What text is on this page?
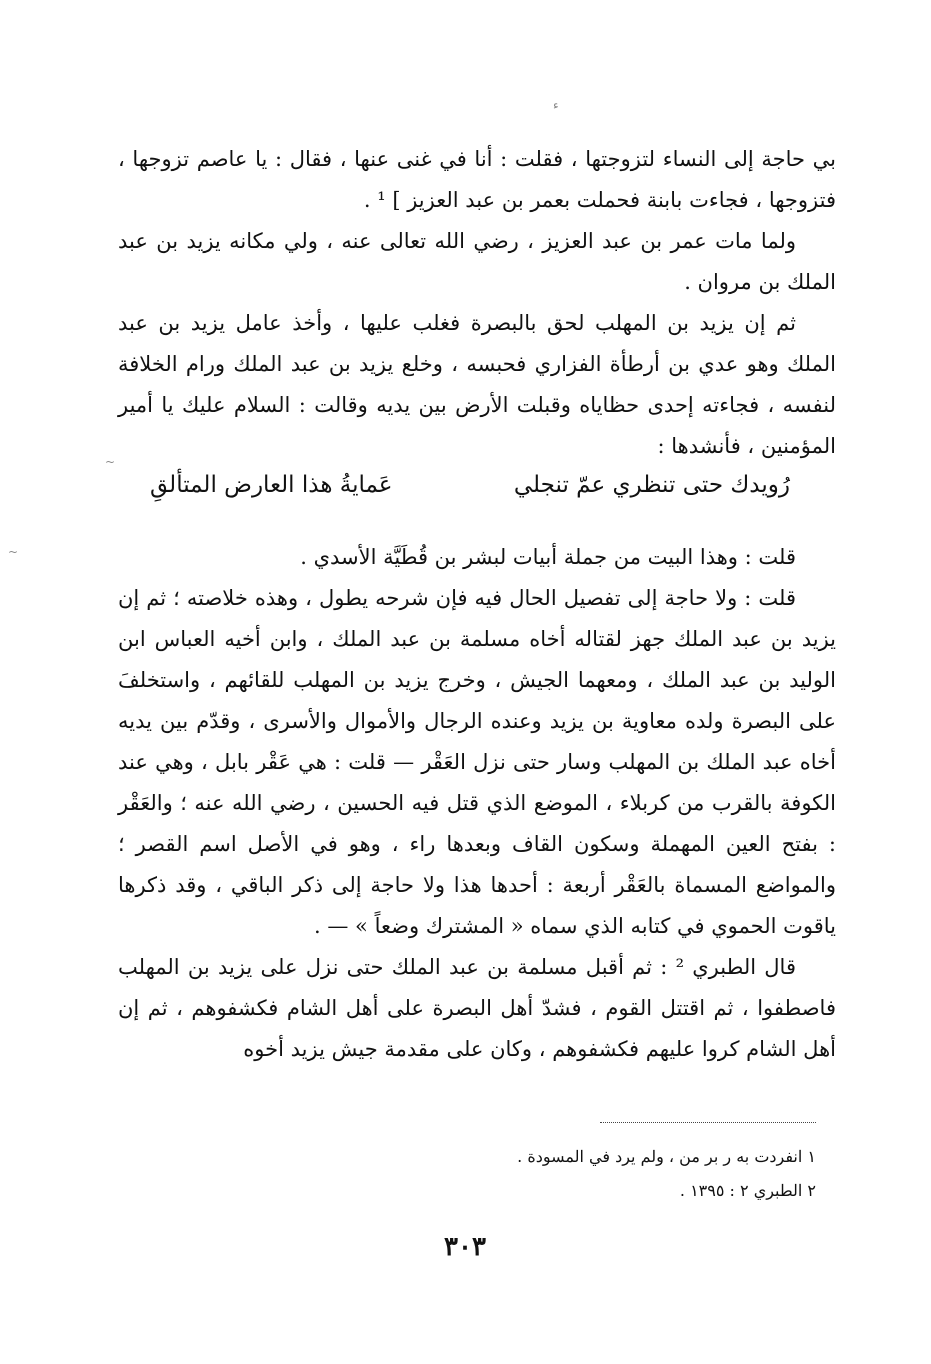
ء
~
~

بي حاجة إلى النساء لتزوجتها ، فقلت : أنا في غنى عنها ، فقال : يا عاصم تزوجها ، فتزوجها ، فجاءت بابنة فحملت بعمر بن عبد العزيز ] ¹ .

ولما مات عمر بن عبد العزيز ، رضي الله تعالى عنه ، ولي مكانه يزيد بن عبد الملك بن مروان .

ثم إن يزيد بن المهلب لحق بالبصرة فغلب عليها ، وأخذ عامل يزيد بن عبد الملك وهو عدي بن أرطأة الفزاري فحبسه ، وخلع يزيد بن عبد الملك ورام الخلافة لنفسه ، فجاءته إحدى حظاياه وقبلت الأرض بين يديه وقالت : السلام عليك يا أمير المؤمنين ، فأنشدها :

رُويدك حتى تنظري عمّ تنجلي
عَمايةُ هذا العارض المتألقِ

قلت : وهذا البيت من جملة أبيات لبشر بن قُطَيَّة الأسدي .

قلت : ولا حاجة إلى تفصيل الحال فيه فإن شرحه يطول ، وهذه خلاصته ؛ ثم إن يزيد بن عبد الملك جهز لقتاله أخاه مسلمة بن عبد الملك ، وابن أخيه العباس ابن الوليد بن عبد الملك ، ومعهما الجيش ، وخرج يزيد بن المهلب للقائهم ، واستخلفَ على البصرة ولده معاوية بن يزيد وعنده الرجال والأموال والأسرى ، وقدّم بين يديه أخاه عبد الملك بن المهلب وسار حتى نزل العَقْر — قلت : هي عَقْر بابل ، وهي عند الكوفة بالقرب من كربلاء ، الموضع الذي قتل فيه الحسين ، رضي الله عنه ؛ والعَقْر : بفتح العين المهملة وسكون القاف وبعدها راء ، وهو في الأصل اسم القصر ؛ والمواضع المسماة بالعَقْر أربعة : أحدها هذا ولا حاجة إلى ذكر الباقي ، وقد ذكرها ياقوت الحموي في كتابه الذي سماه « المشترك وضعاً » — .

قال الطبري ² : ثم أقبل مسلمة بن عبد الملك حتى نزل على يزيد بن المهلب فاصطفوا ، ثم اقتتل القوم ، فشدّ أهل البصرة على أهل الشام فكشفوهم ، ثم إن أهل الشام كروا عليهم فكشفوهم ، وكان على مقدمة جيش يزيد أخوه

١ انفردت به ر بر من ، ولم يرد في المسودة .
٢ الطبري ٢ : ١٣٩٥ .
٣٠٣
